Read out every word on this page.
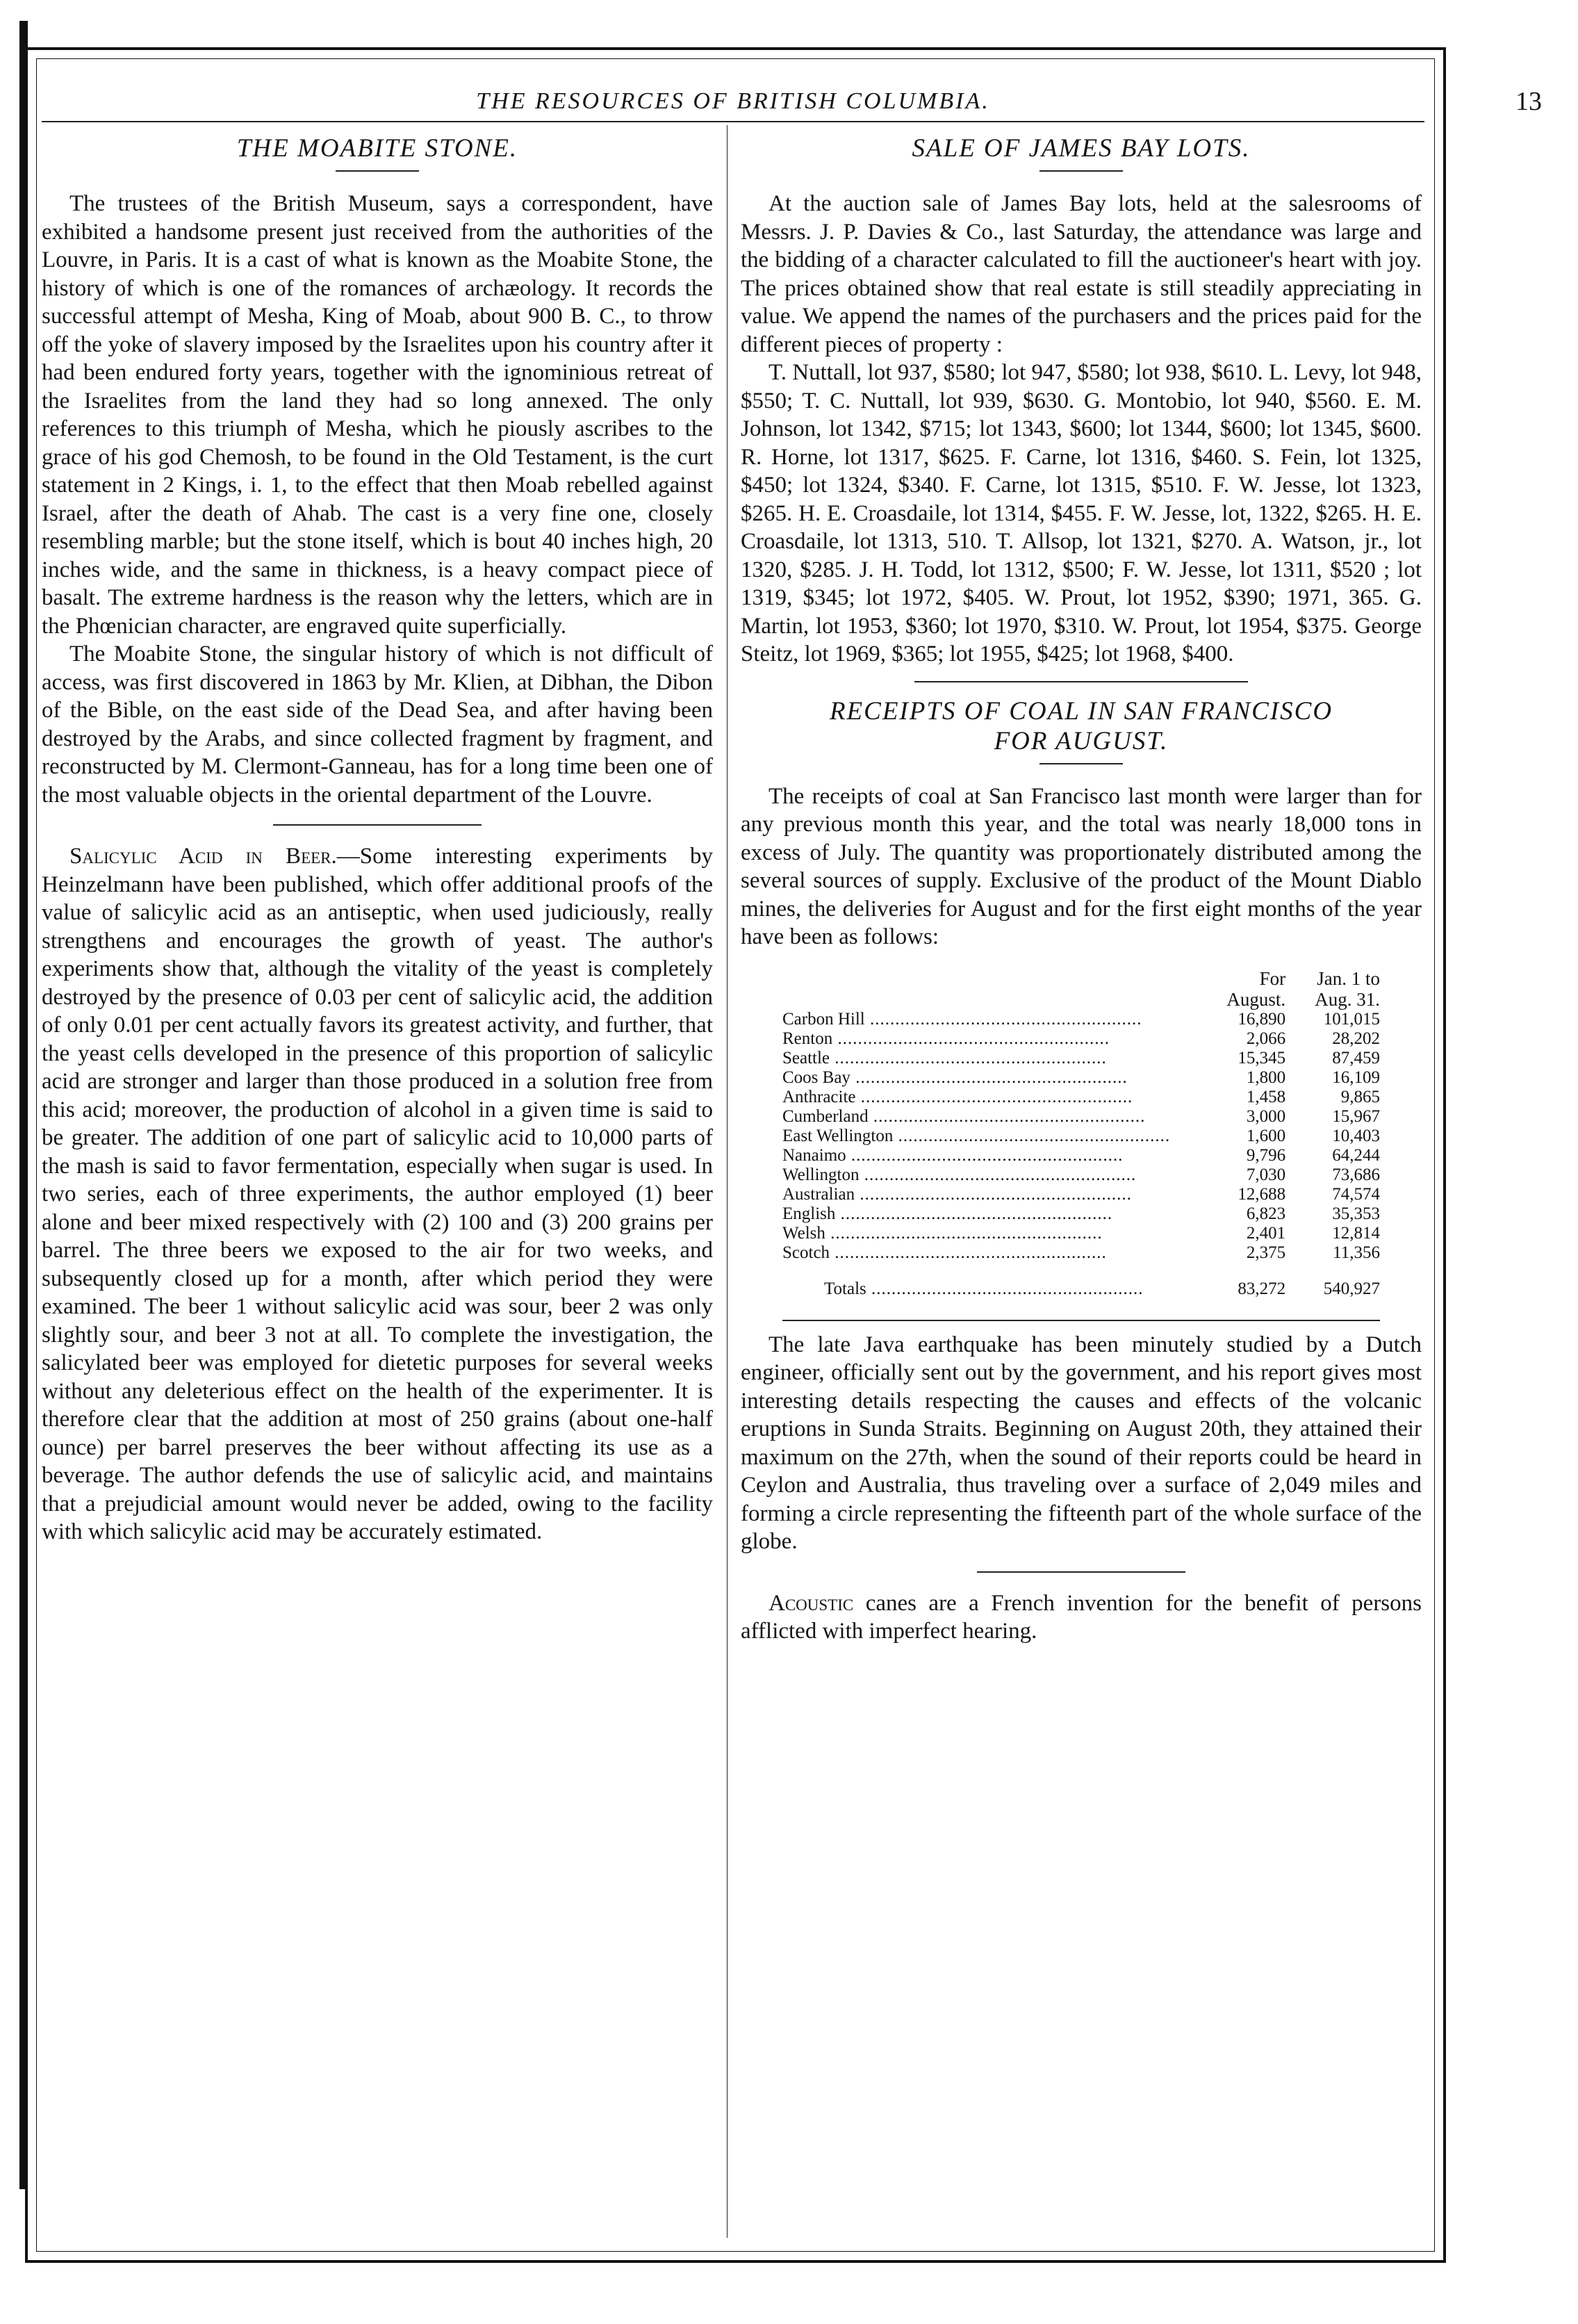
THE RESOURCES OF BRITISH COLUMBIA.	13
THE MOABITE STONE.

The trustees of the British Museum, says a correspondent, have exhibited a handsome present just received from the authorities of the Louvre, in Paris. It is a cast of what is known as the Moabite Stone, the history of which is one of the romances of archæology. It records the successful attempt of Mesha, King of Moab, about 900 B. C., to throw off the yoke of slavery imposed by the Israelites upon his country after it had been endured forty years, together with the ignominious retreat of the Israelites from the land they had so long annexed. The only references to this triumph of Mesha, which he piously ascribes to the grace of his god Chemosh, to be found in the Old Testament, is the curt statement in 2 Kings, i. 1, to the effect that then Moab rebelled against Israel, after the death of Ahab. The cast is a very fine one, closely resembling marble; but the stone itself, which is bout 40 inches high, 20 inches wide, and the same in thickness, is a heavy compact piece of basalt. The extreme hardness is the reason why the letters, which are in the Phœnician character, are engraved quite superficially.

The Moabite Stone, the singular history of which is not difficult of access, was first discovered in 1863 by Mr. Klien, at Dibhan, the Dibon of the Bible, on the east side of the Dead Sea, and after having been destroyed by the Arabs, and since collected fragment by fragment, and reconstructed by M. Clermont-Ganneau, has for a long time been one of the most valuable objects in the oriental department of the Louvre.

Salicylic Acid in Beer.—Some interesting experiments by Heinzelmann have been published, which offer additional proofs of the value of salicylic acid as an antiseptic, when used judiciously, really strengthens and encourages the growth of yeast. The author's experiments show that, although the vitality of the yeast is completely destroyed by the presence of 0.03 per cent of salicylic acid, the addition of only 0.01 per cent actually favors its greatest activity, and further, that the yeast cells developed in the presence of this proportion of salicylic acid are stronger and larger than those produced in a solution free from this acid; moreover, the production of alcohol in a given time is said to be greater. The addition of one part of salicylic acid to 10,000 parts of the mash is said to favor fermentation, especially when sugar is used. In two series, each of three experiments, the author employed (1) beer alone and beer mixed respectively with (2) 100 and (3) 200 grains per barrel. The three beers we exposed to the air for two weeks, and subsequently closed up for a month, after which period they were examined. The beer 1 without salicylic acid was sour, beer 2 was only slightly sour, and beer 3 not at all. To complete the investigation, the salicylated beer was employed for dietetic purposes for several weeks without any deleterious effect on the health of the experimenter. It is therefore clear that the addition at most of 250 grains (about one-half ounce) per barrel preserves the beer without affecting its use as a beverage. The author defends the use of salicylic acid, and maintains that a prejudicial amount would never be added, owing to the facility with which salicylic acid may be accurately estimated.

SALE OF JAMES BAY LOTS.

At the auction sale of James Bay lots, held at the salesrooms of Messrs. J. P. Davies & Co., last Saturday, the attendance was large and the bidding of a character calculated to fill the auctioneer's heart with joy. The prices obtained show that real estate is still steadily appreciating in value. We append the names of the purchasers and the prices paid for the different pieces of property :

T. Nuttall, lot 937, $580; lot 947, $580; lot 938, $610. L. Levy, lot 948, $550; T. C. Nuttall, lot 939, $630. G. Montobio, lot 940, $560. E. M. Johnson, lot 1342, $715; lot 1343, $600; lot 1344, $600; lot 1345, $600. R. Horne, lot 1317, $625. F. Carne, lot 1316, $460. S. Fein, lot 1325, $450; lot 1324, $340. F. Carne, lot 1315, $510. F. W. Jesse, lot 1323, $265. H. E. Croasdaile, lot 1314, $455. F. W. Jesse, lot, 1322, $265. H. E. Croasdaile, lot 1313, 510. T. Allsop, lot 1321, $270. A. Watson, jr., lot 1320, $285. J. H. Todd, lot 1312, $500; F. W. Jesse, lot 1311, $520 ; lot 1319, $345; lot 1972, $405. W. Prout, lot 1952, $390; 1971, 365. G. Martin, lot 1953, $360; lot 1970, $310. W. Prout, lot 1954, $375. George Steitz, lot 1969, $365; lot 1955, $425; lot 1968, $400.

RECEIPTS OF COAL IN SAN FRANCISCO
FOR AUGUST.

The receipts of coal at San Francisco last month were larger than for any previous month this year, and the total was nearly 18,000 tons in excess of July. The quantity was proportionately distributed among the several sources of supply. Exclusive of the product of the Mount Diablo mines, the deliveries for August and for the first eight months of the year have been as follows:

	For
August.	Jan. 1 to
Aug. 31.
Carbon Hill .....	16,890	101,015
Renton .....	2,066	28,202
Seattle .....	15,345	87,459
Coos Bay .....	1,800	16,109
Anthracite .....	1,458	9,865
Cumberland .....	3,000	15,967
East Wellington .....	1,600	10,403
Nanaimo .....	9,796	64,244
Wellington .....	7,030	73,686
Australian .....	12,688	74,574
English .....	6,823	35,353
Welsh .....	2,401	12,814
Scotch .....	2,375	11,356
Totals .....	83,272	540,927

The late Java earthquake has been minutely studied by a Dutch engineer, officially sent out by the government, and his report gives most interesting details respecting the causes and effects of the volcanic eruptions in Sunda Straits. Beginning on August 20th, they attained their maximum on the 27th, when the sound of their reports could be heard in Ceylon and Australia, thus traveling over a surface of 2,049 miles and forming a circle representing the fifteenth part of the whole surface of the globe.

Acoustic canes are a French invention for the benefit of persons afflicted with imperfect hearing.
